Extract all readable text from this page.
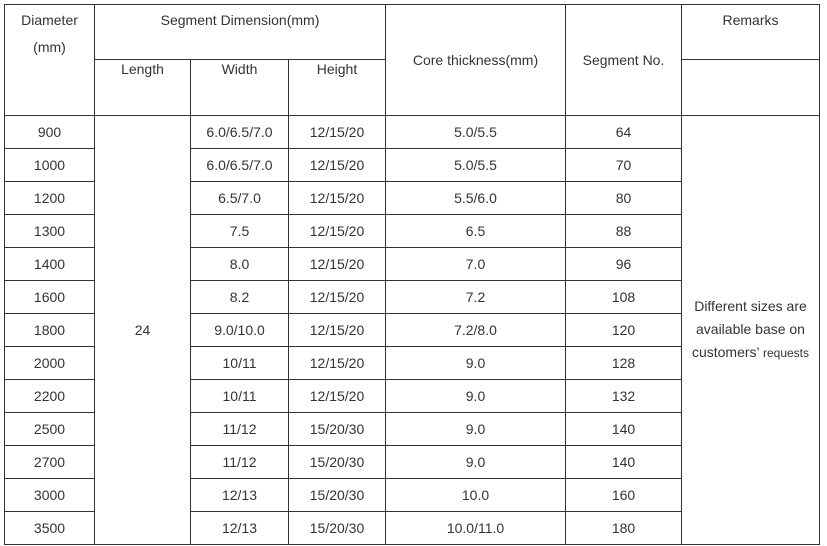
Diameter
(mm)	Segment Dimension(mm)			Core thickness(mm)	Segment No.	Remarks
	Length	Width	Height			
900	24	6.0/6.5/7.0	12/15/20	5.0/5.5	64	Different sizes are
available base on
customers’ requests

1000		6.0/6.5/7.0	12/15/20	5.0/5.5	70	
1200		6.5/7.0	12/15/20	5.5/6.0	80	
1300		7.5	12/15/20	6.5	88	
1400		8.0	12/15/20	7.0	96	
1600		8.2	12/15/20	7.2	108	
1800		9.0/10.0	12/15/20	7.2/8.0	120	
2000		10/11	12/15/20	9.0	128	
2200		10/11	12/15/20	9.0	132	
2500		11/12	15/20/30	9.0	140	
2700		11/12	15/20/30	9.0	140	
3000		12/13	15/20/30	10.0	160	
3500		12/13	15/20/30	10.0/11.0	180	
